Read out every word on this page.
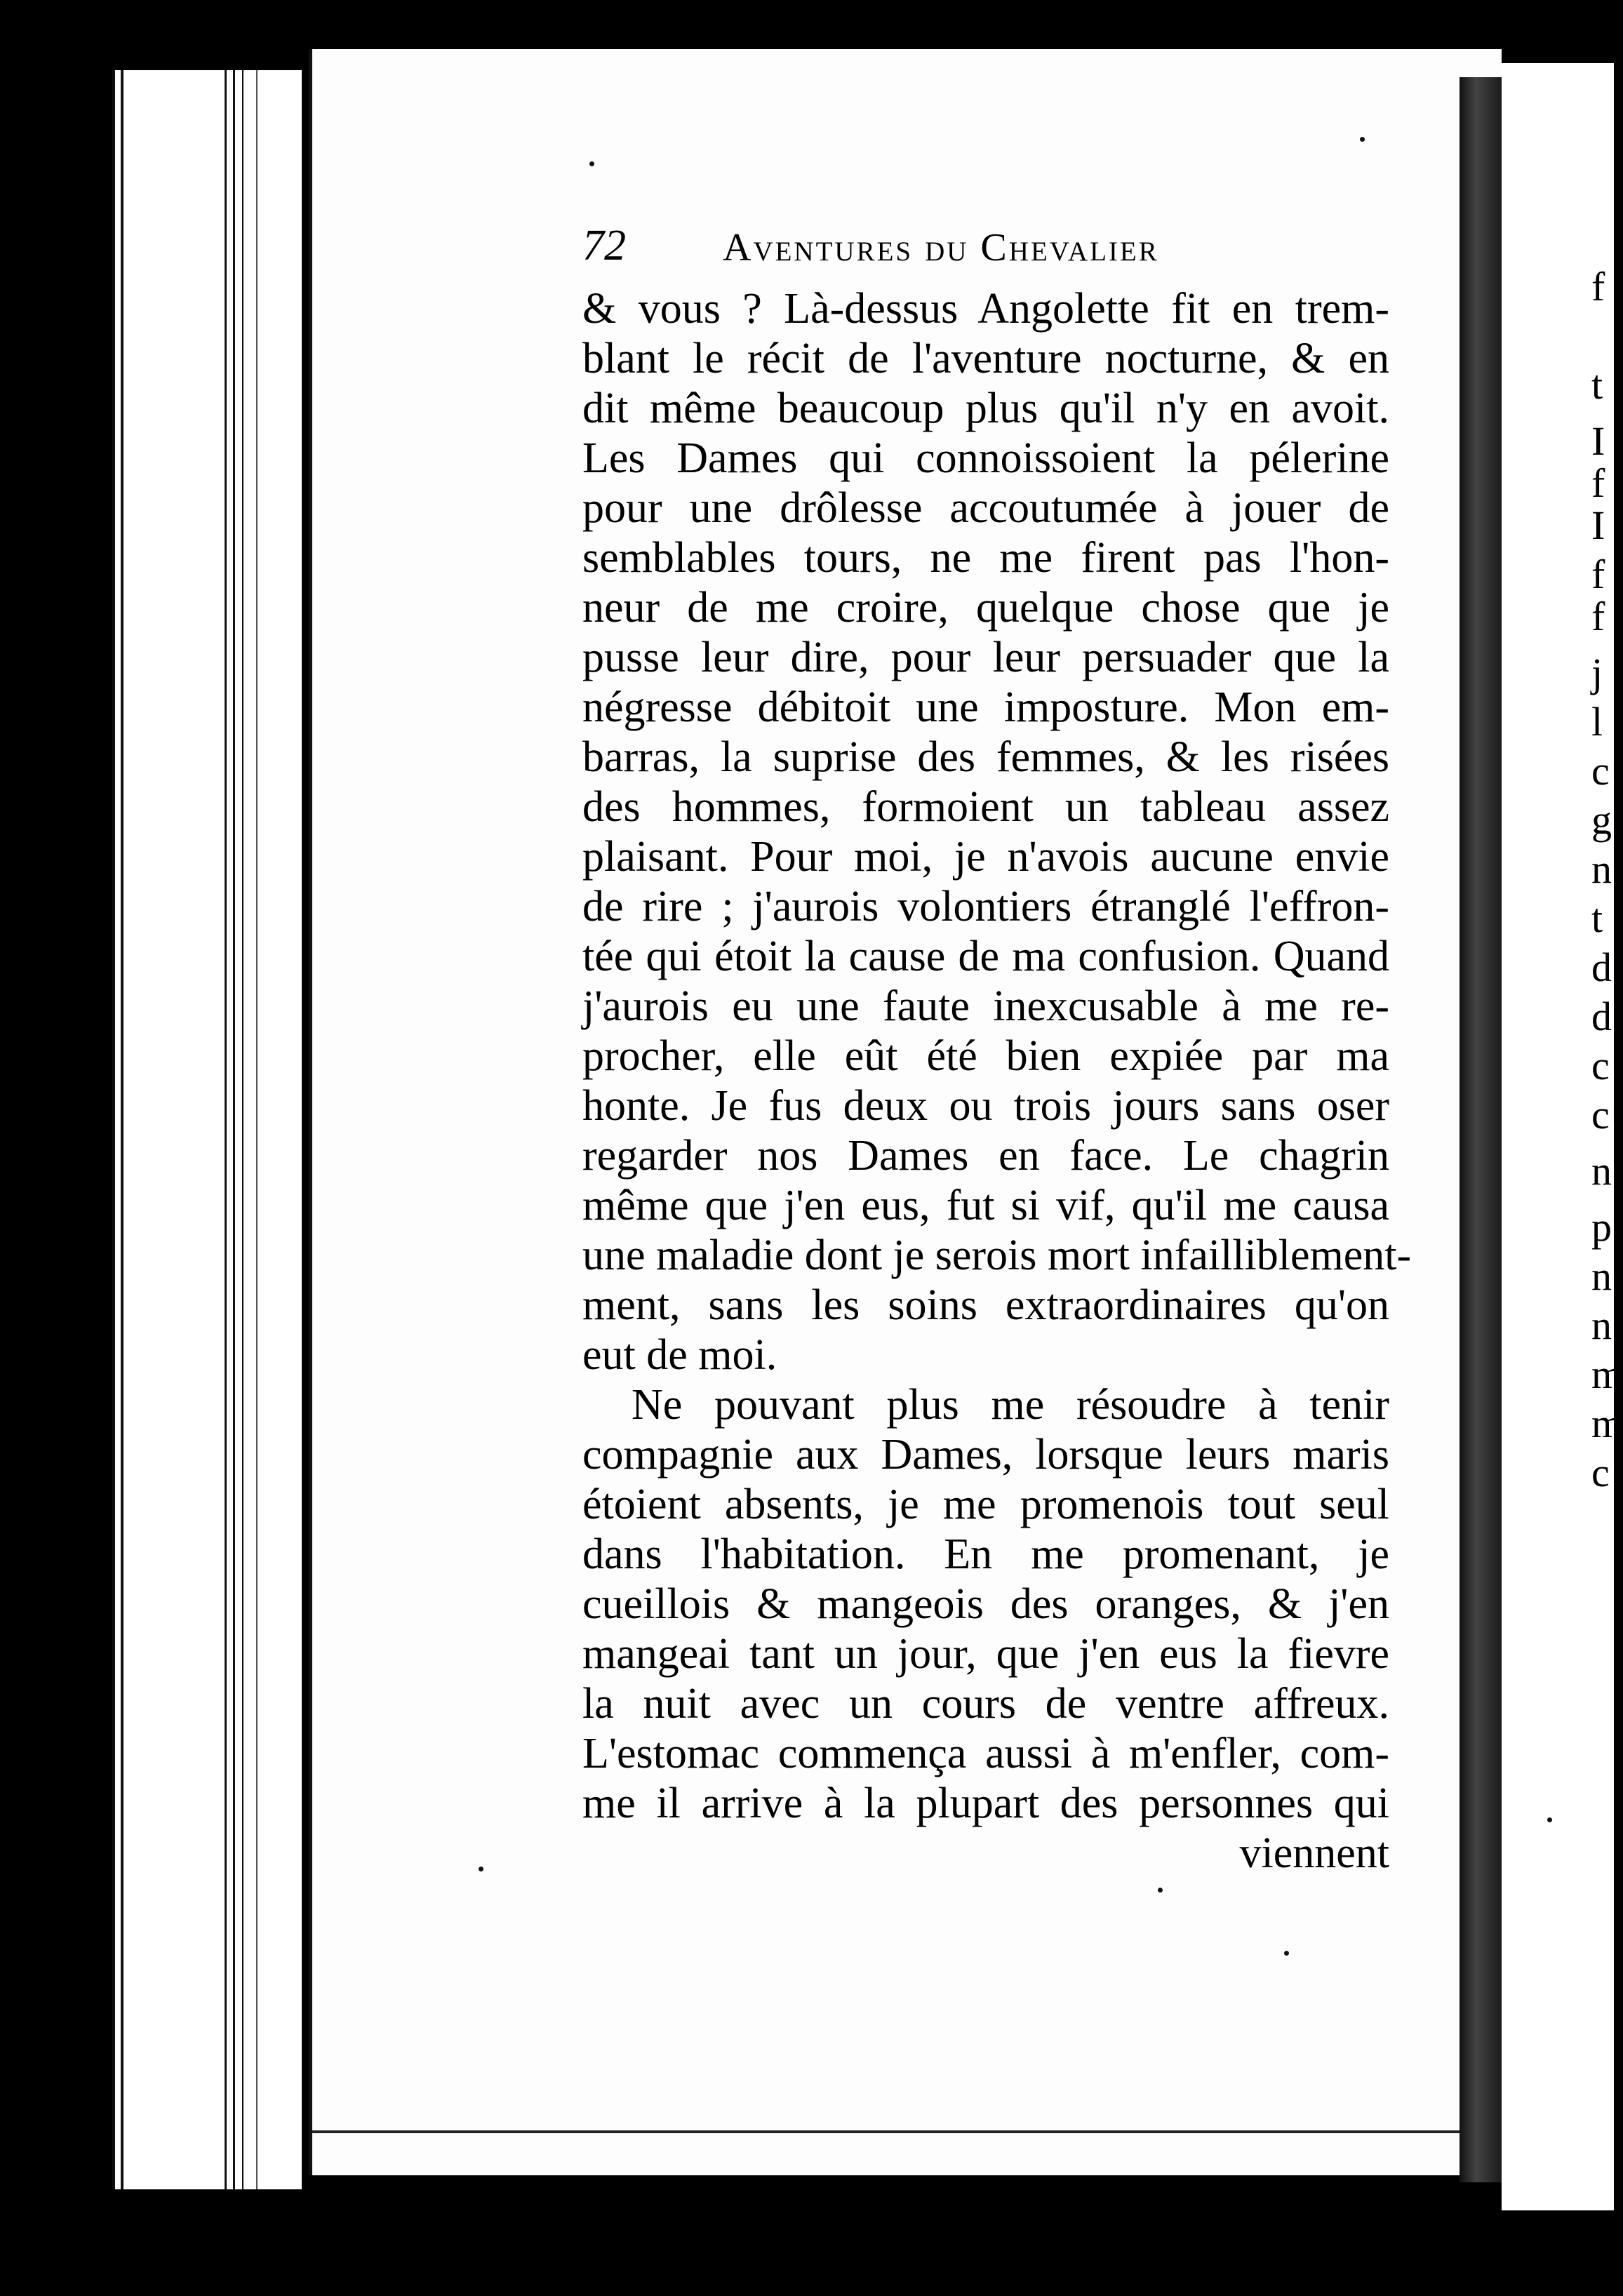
f
t
I
f
I
f
f
j
l
c
g
n
t
d
d
c
c
n
p
n
n
m
m
c
72 Aventures du Chevalier
& vous ? Là-dessus Angolette fit en trem-
blant le récit de l'aventure nocturne, & en
dit même beaucoup plus qu'il n'y en avoit.
Les Dames qui connoissoient la pélerine
pour une drôlesse accoutumée à jouer de
semblables tours, ne me firent pas l'hon-
neur de me croire, quelque chose que je
pusse leur dire, pour leur persuader que la
négresse débitoit une imposture. Mon em-
barras, la suprise des femmes, & les risées
des hommes, formoient un tableau assez
plaisant. Pour moi, je n'avois aucune envie
de rire ; j'aurois volontiers étranglé l'effron-
tée qui étoit la cause de ma confusion. Quand
j'aurois eu une faute inexcusable à me re-
procher, elle eût été bien expiée par ma
honte. Je fus deux ou trois jours sans oser
regarder nos Dames en face. Le chagrin
même que j'en eus, fut si vif, qu'il me causa
une maladie dont je serois mort infailliblement-
ment, sans les soins extraordinaires qu'on
eut de moi.
Ne pouvant plus me résoudre à tenir
compagnie aux Dames, lorsque leurs maris
étoient absents, je me promenois tout seul
dans l'habitation. En me promenant, je
cueillois & mangeois des oranges, & j'en
mangeai tant un jour, que j'en eus la fievre
la nuit avec un cours de ventre affreux.
L'estomac commença aussi à m'enfler, com-
me il arrive à la plupart des personnes qui
viennent
